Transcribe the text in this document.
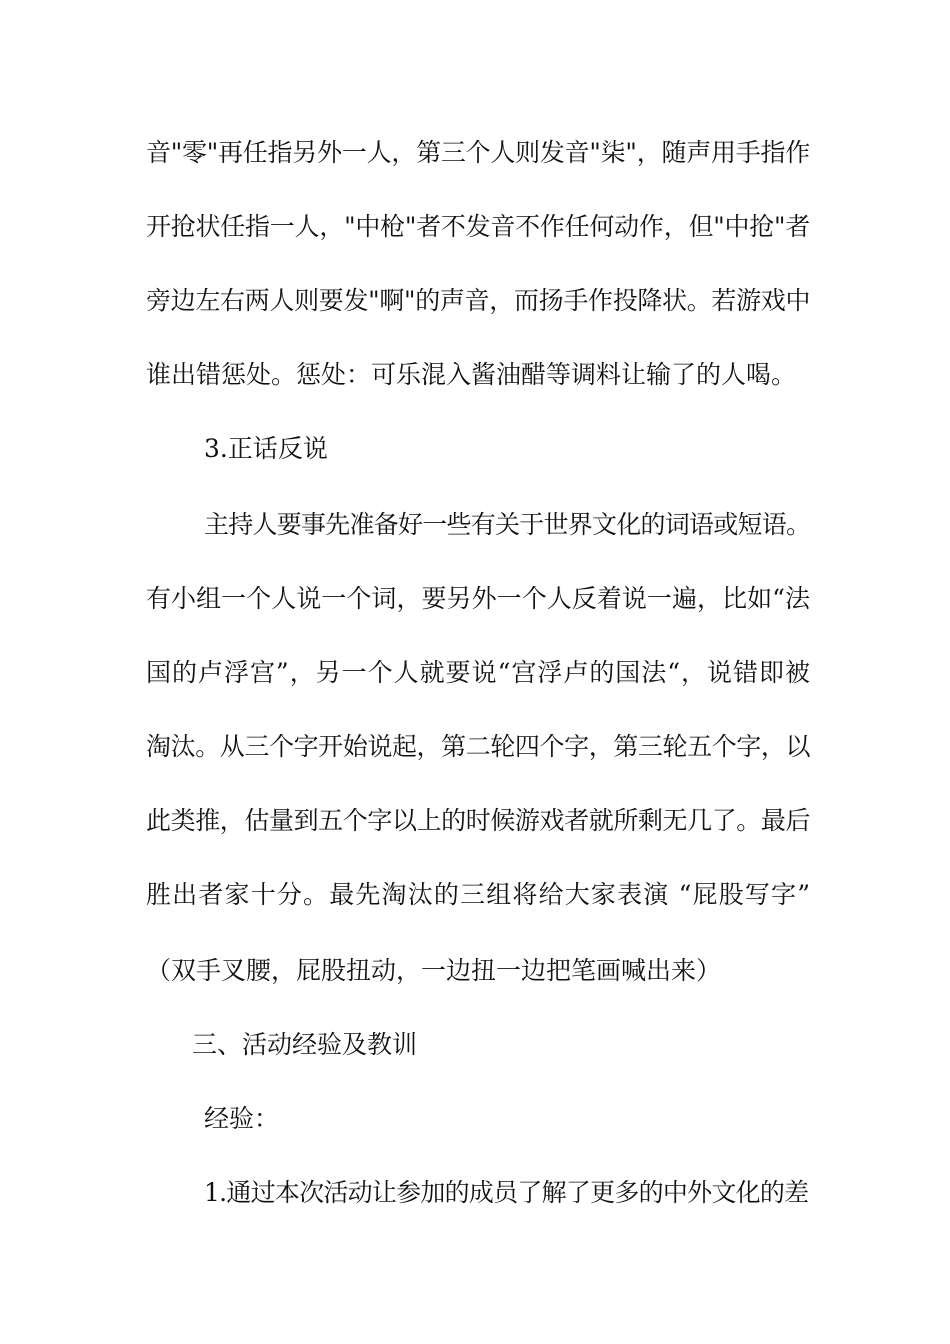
音"零"再任指另外一人，第三个人则发音"柒"，随声用手指作
开抢状任指一人，"中枪"者不发音不作任何动作，但"中抢"者
旁边左右两人则要发"啊"的声音，而扬手作投降状。若游戏中
谁出错惩处。惩处：可乐混入酱油醋等调料让输了的人喝。
3.正话反说
主持人要事先准备好一些有关于世界文化的词语或短语。
有小组一个人说一个词，要另外一个人反着说一遍，比如“法
国的卢浮宫”，另一个人就要说“宫浮卢的国法“，说错即被
淘汰。从三个字开始说起，第二轮四个字，第三轮五个字，以
此类推，估量到五个字以上的时候游戏者就所剩无几了。最后
胜出者家十分。最先淘汰的三组将给大家表演 “屁股写字”
（双手叉腰，屁股扭动，一边扭一边把笔画喊出来）
三、活动经验及教训
经验：
1.通过本次活动让参加的成员了解了更多的中外文化的差
